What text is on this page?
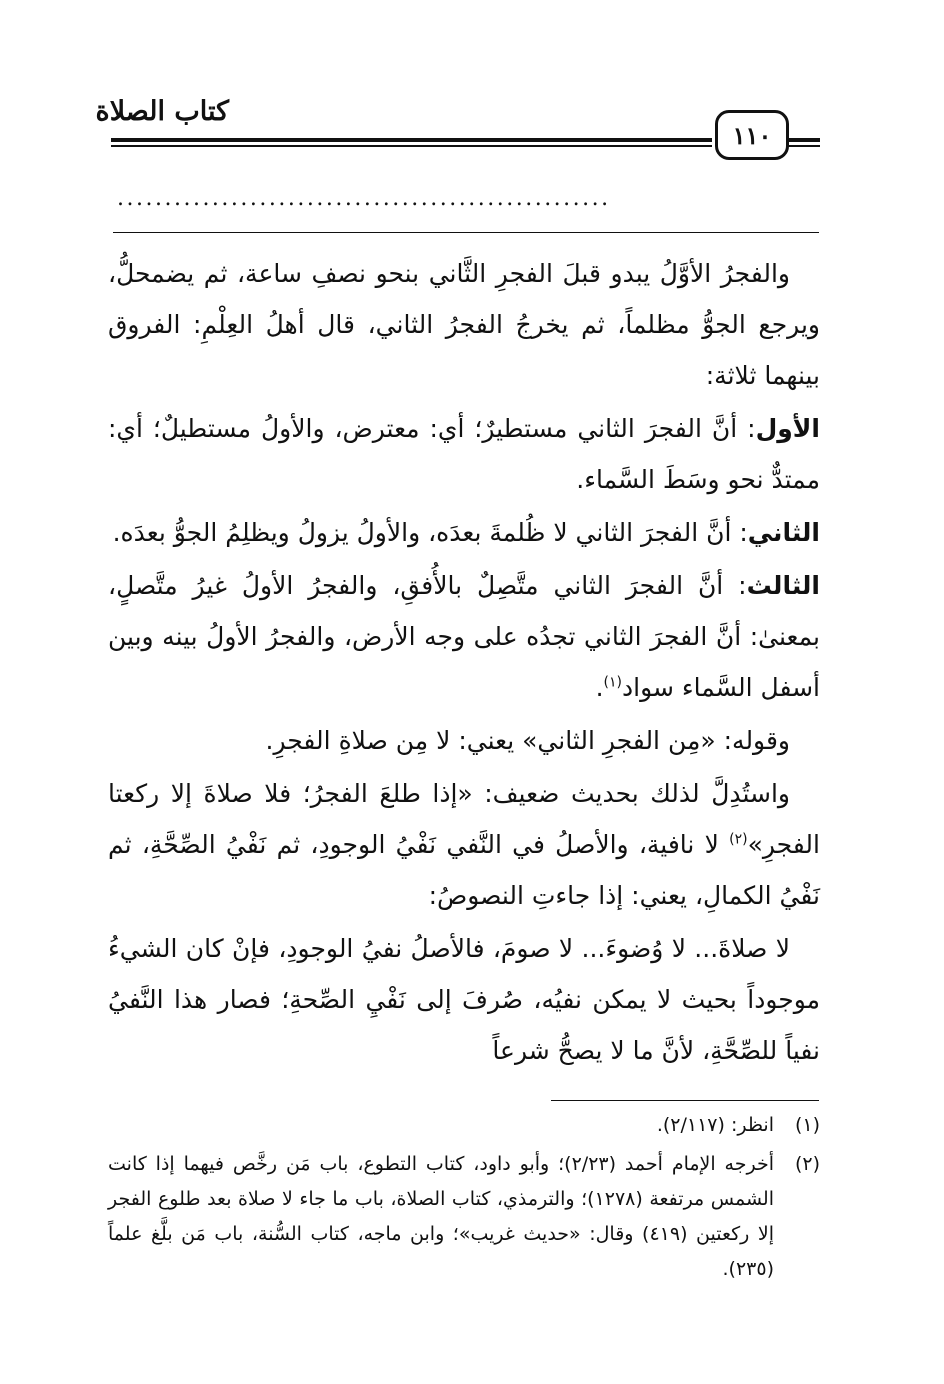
كتاب الصلاة
١١٠
....................................................

والفجرُ الأوَّلُ يبدو قبلَ الفجرِ الثَّاني بنحو نصفِ ساعة، ثم يضمحلُّ، ويرجع الجوُّ مظلماً، ثم يخرجُ الفجرُ الثاني، قال أهلُ العِلْمِ: الفروق بينهما ثلاثة:

الأول: أنَّ الفجرَ الثاني مستطيرٌ؛ أي: معترض، والأولُ مستطيلٌ؛ أي: ممتدٌّ نحو وسَطَ السَّماء.

الثاني: أنَّ الفجرَ الثاني لا ظُلمةَ بعدَه، والأولُ يزولُ ويظلِمُ الجوُّ بعدَه.

الثالث: أنَّ الفجرَ الثاني متَّصِلٌ بالأُفقِ، والفجرُ الأولُ غيرُ متَّصلٍ، بمعنىٰ: أنَّ الفجرَ الثاني تجدُه على وجه الأرض، والفجرُ الأولُ بينه وبين أسفل السَّماء سواد$^{(١)}$.

وقوله: «مِن الفجرِ الثاني» يعني: لا مِن صلاةِ الفجرِ.

واستُدِلَّ لذلك بحديث ضعيف: «إذا طلعَ الفجرُ؛ فلا صلاةَ إلا ركعتا الفجرِ»$^{(٢)}$ لا نافية، والأصلُ في النَّفي نَفْيُ الوجودِ، ثم نَفْيُ الصِّحَّةِ، ثم نَفْيُ الكمالِ، يعني: إذا جاءتِ النصوصُ:

لا صلاةَ... لا وُضوءَ... لا صومَ، فالأصلُ نفيُ الوجودِ، فإنْ كان الشيءُ موجوداً بحيث لا يمكن نفيُه، صُرفَ إلى نَفْيِ الصِّحةِ؛ فصار هذا النَّفيُ نفياً للصِّحَّةِ، لأنَّ ما لا يصحُّ شرعاً

(١)
انظر: (٢/١١٧).
(٢)
أخرجه الإمام أحمد (٢/٢٣)؛ وأبو داود، كتاب التطوع، باب مَن رخَّص فيهما إذا كانت الشمس مرتفعة (١٢٧٨)؛ والترمذي، كتاب الصلاة، باب ما جاء لا صلاة بعد طلوع الفجر إلا ركعتين (٤١٩) وقال: «حديث غريب»؛ وابن ماجه، كتاب السُّنة، باب مَن بلَّغ علماً (٢٣٥).
